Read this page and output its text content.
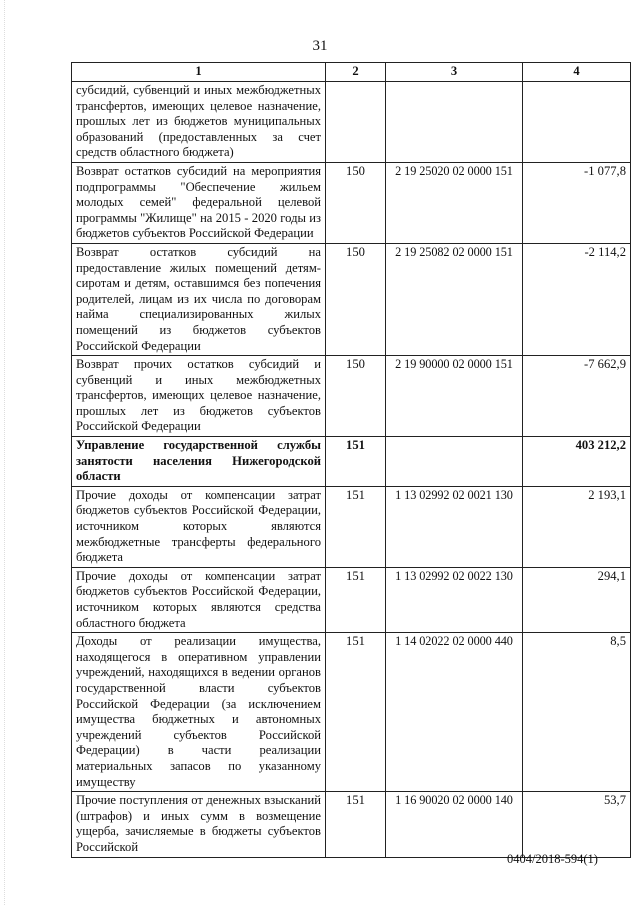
31
1	2	3	4
субсидий, субвенций и иных межбюджетных трансфертов, имеющих целевое назначение, прошлых лет из бюджетов муниципальных образований (предоставленных за счет средств областного бюджета)			
Возврат остатков субсидий на мероприятия подпрограммы "Обеспечение жильем молодых семей" федеральной целевой программы "Жилище" на 2015 - 2020 годы из бюджетов субъектов Российской Федерации	150	2 19 25020 02 0000 151	-1 077,8
Возврат остатков субсидий на предоставление жилых помещений детям-сиротам и детям, оставшимся без попечения родителей, лицам из их числа по договорам найма специализированных жилых помещений из бюджетов субъектов Российской Федерации	150	2 19 25082 02 0000 151	-2 114,2
Возврат прочих остатков субсидий и субвенций и иных межбюджетных трансфертов, имеющих целевое назначение, прошлых лет из бюджетов субъектов Российской Федерации	150	2 19 90000 02 0000 151	-7 662,9
Управление государственной службы занятости населения Нижегородской области	151		403 212,2
Прочие доходы от компенсации затрат бюджетов субъектов Российской Федерации, источником которых являются межбюджетные трансферты федерального бюджета	151	1 13 02992 02 0021 130	2 193,1
Прочие доходы от компенсации затрат бюджетов субъектов Российской Федерации, источником которых являются средства областного бюджета	151	1 13 02992 02 0022 130	294,1
Доходы от реализации имущества, находящегося в оперативном управлении учреждений, находящихся в ведении органов государственной власти субъектов Российской Федерации (за исключением имущества бюджетных и автономных учреждений субъектов Российской Федерации) в части реализации материальных запасов по указанному имуществу	151	1 14 02022 02 0000 440	8,5
Прочие поступления от денежных взысканий (штрафов) и иных сумм в возмещение ущерба, зачисляемые в бюджеты субъектов Российской	151	1 16 90020 02 0000 140	53,7
0404/2018-594(1)
